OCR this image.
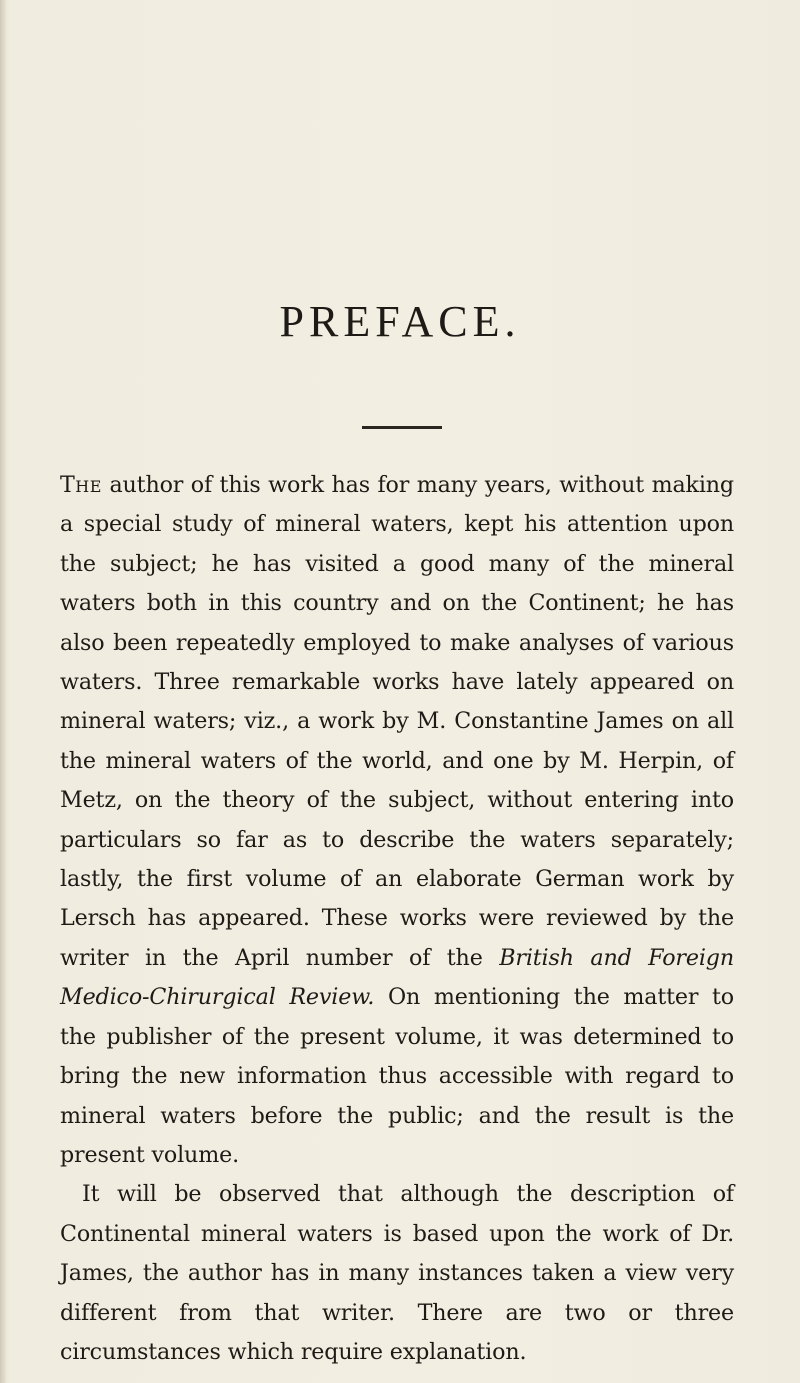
PREFACE.

The author of this work has for many years, without making a special study of mineral waters, kept his attention upon the subject; he has visited a good many of the mineral waters both in this country and on the Continent; he has also been repeatedly employed to make analyses of various waters. Three remarkable works have lately appeared on mineral waters; viz., a work by M. Constantine James on all the mineral waters of the world, and one by M. Herpin, of Metz, on the theory of the subject, without entering into particulars so far as to describe the waters separately; lastly, the first volume of an elaborate German work by Lersch has appeared. These works were reviewed by the writer in the April number of the British and Foreign Medico-Chirurgical Review. On mentioning the matter to the publisher of the present volume, it was determined to bring the new information thus accessible with regard to mineral waters before the public; and the result is the present volume.

It will be observed that although the description of Continental mineral waters is based upon the work of Dr. James, the author has in many instances taken a view very different from that writer. There are two or three circumstances which require explanation.
